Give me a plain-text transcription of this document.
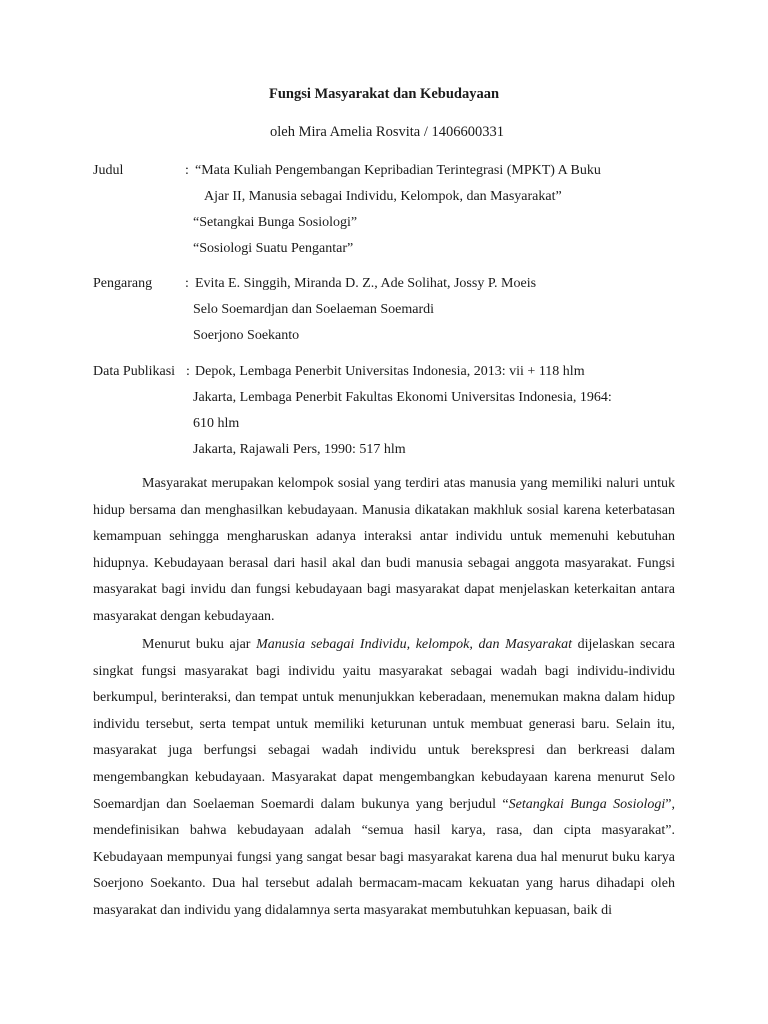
Fungsi Masyarakat dan Kebudayaan
oleh Mira Amelia Rosvita / 1406600331
Judul	: “Mata Kuliah Pengembangan Kepribadian Terintegrasi (MPKT) A Buku
Ajar II, Manusia sebagai Individu, Kelompok, dan Masyarakat”
“Setangkai Bunga Sosiologi”
“Sosiologi Suatu Pengantar”
Pengarang : Evita E. Singgih, Miranda D. Z., Ade Solihat, Jossy P. Moeis
Selo Soemardjan dan Soelaeman Soemardi
Soerjono Soekanto
Data Publikasi : Depok, Lembaga Penerbit Universitas Indonesia, 2013: vii + 118 hlm
Jakarta, Lembaga Penerbit Fakultas Ekonomi Universitas Indonesia, 1964:
610 hlm
Jakarta, Rajawali Pers, 1990: 517 hlm

Masyarakat merupakan kelompok sosial yang terdiri atas manusia yang memiliki naluri untuk hidup bersama dan menghasilkan kebudayaan. Manusia dikatakan makhluk sosial karena keterbatasan kemampuan sehingga mengharuskan adanya interaksi antar individu untuk memenuhi kebutuhan hidupnya. Kebudayaan berasal dari hasil akal dan budi manusia sebagai anggota masyarakat. Fungsi masyarakat bagi invidu dan fungsi kebudayaan bagi masyarakat dapat menjelaskan keterkaitan antara masyarakat dengan kebudayaan.

Menurut buku ajar Manusia sebagai Individu, kelompok, dan Masyarakat dijelaskan secara singkat fungsi masyarakat bagi individu yaitu masyarakat sebagai wadah bagi individu-individu berkumpul, berinteraksi, dan tempat untuk menunjukkan keberadaan, menemukan makna dalam hidup individu tersebut, serta tempat untuk memiliki keturunan untuk membuat generasi baru. Selain itu, masyarakat juga berfungsi sebagai wadah individu untuk berekspresi dan berkreasi dalam mengembangkan kebudayaan. Masyarakat dapat mengembangkan kebudayaan karena menurut Selo Soemardjan dan Soelaeman Soemardi dalam bukunya yang berjudul “Setangkai Bunga Sosiologi”, mendefinisikan bahwa kebudayaan adalah “semua hasil karya, rasa, dan cipta masyarakat”. Kebudayaan mempunyai fungsi yang sangat besar bagi masyarakat karena dua hal menurut buku karya Soerjono Soekanto. Dua hal tersebut adalah bermacam-macam kekuatan yang harus dihadapi oleh masyarakat dan individu yang didalamnya serta masyarakat membutuhkan kepuasan, baik di
